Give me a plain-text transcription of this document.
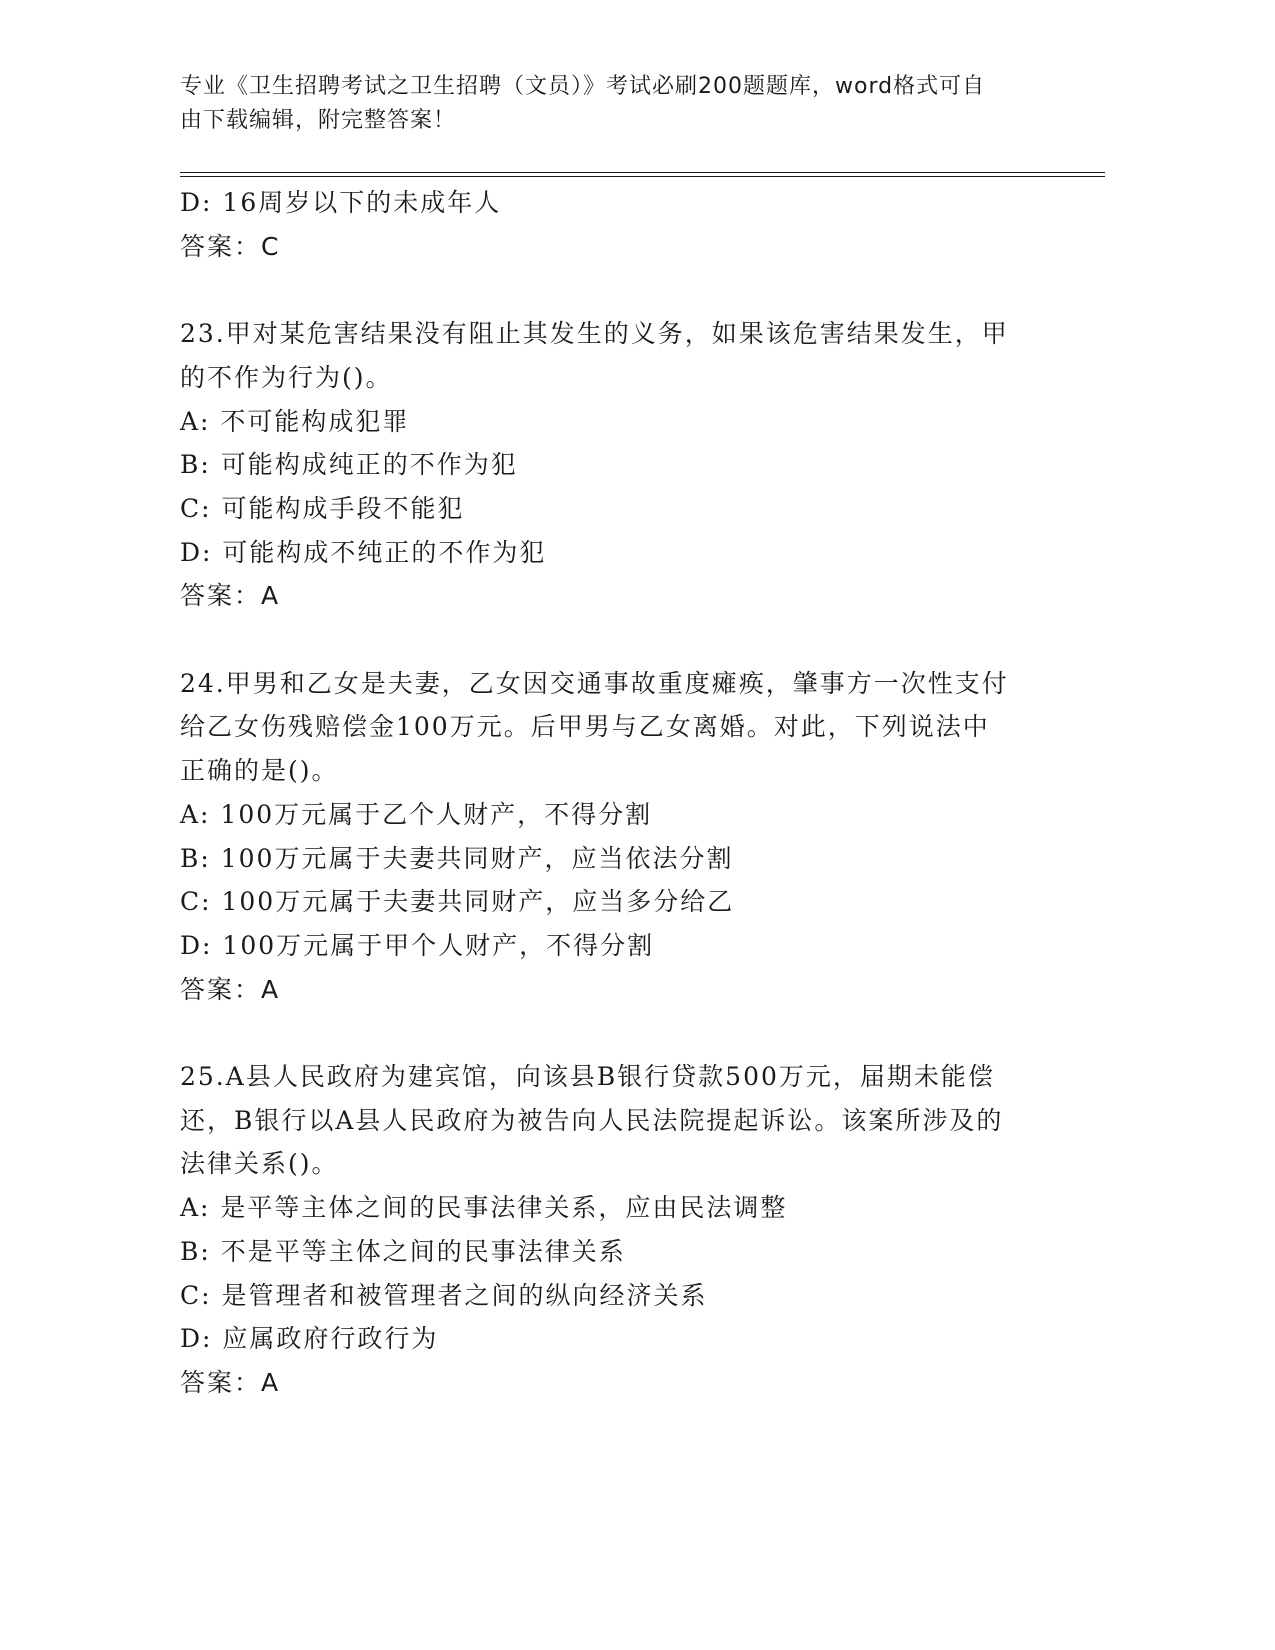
专业《卫生招聘考试之卫生招聘（文员）》考试必刷200题题库，word格式可自
由下载编辑，附完整答案！
D: 16周岁以下的未成年人
答案：C
23.甲对某危害结果没有阻止其发生的义务，如果该危害结果发生，甲
的不作为行为()。
A: 不可能构成犯罪
B: 可能构成纯正的不作为犯
C: 可能构成手段不能犯
D: 可能构成不纯正的不作为犯
答案：A
24.甲男和乙女是夫妻，乙女因交通事故重度瘫痪，肇事方一次性支付
给乙女伤残赔偿金100万元。后甲男与乙女离婚。对此，下列说法中
正确的是()。
A: 100万元属于乙个人财产，不得分割
B: 100万元属于夫妻共同财产，应当依法分割
C: 100万元属于夫妻共同财产，应当多分给乙
D: 100万元属于甲个人财产，不得分割
答案：A
25.A县人民政府为建宾馆，向该县B银行贷款500万元，届期未能偿
还，B银行以A县人民政府为被告向人民法院提起诉讼。该案所涉及的
法律关系()。
A: 是平等主体之间的民事法律关系，应由民法调整
B: 不是平等主体之间的民事法律关系
C: 是管理者和被管理者之间的纵向经济关系
D: 应属政府行政行为
答案：A
